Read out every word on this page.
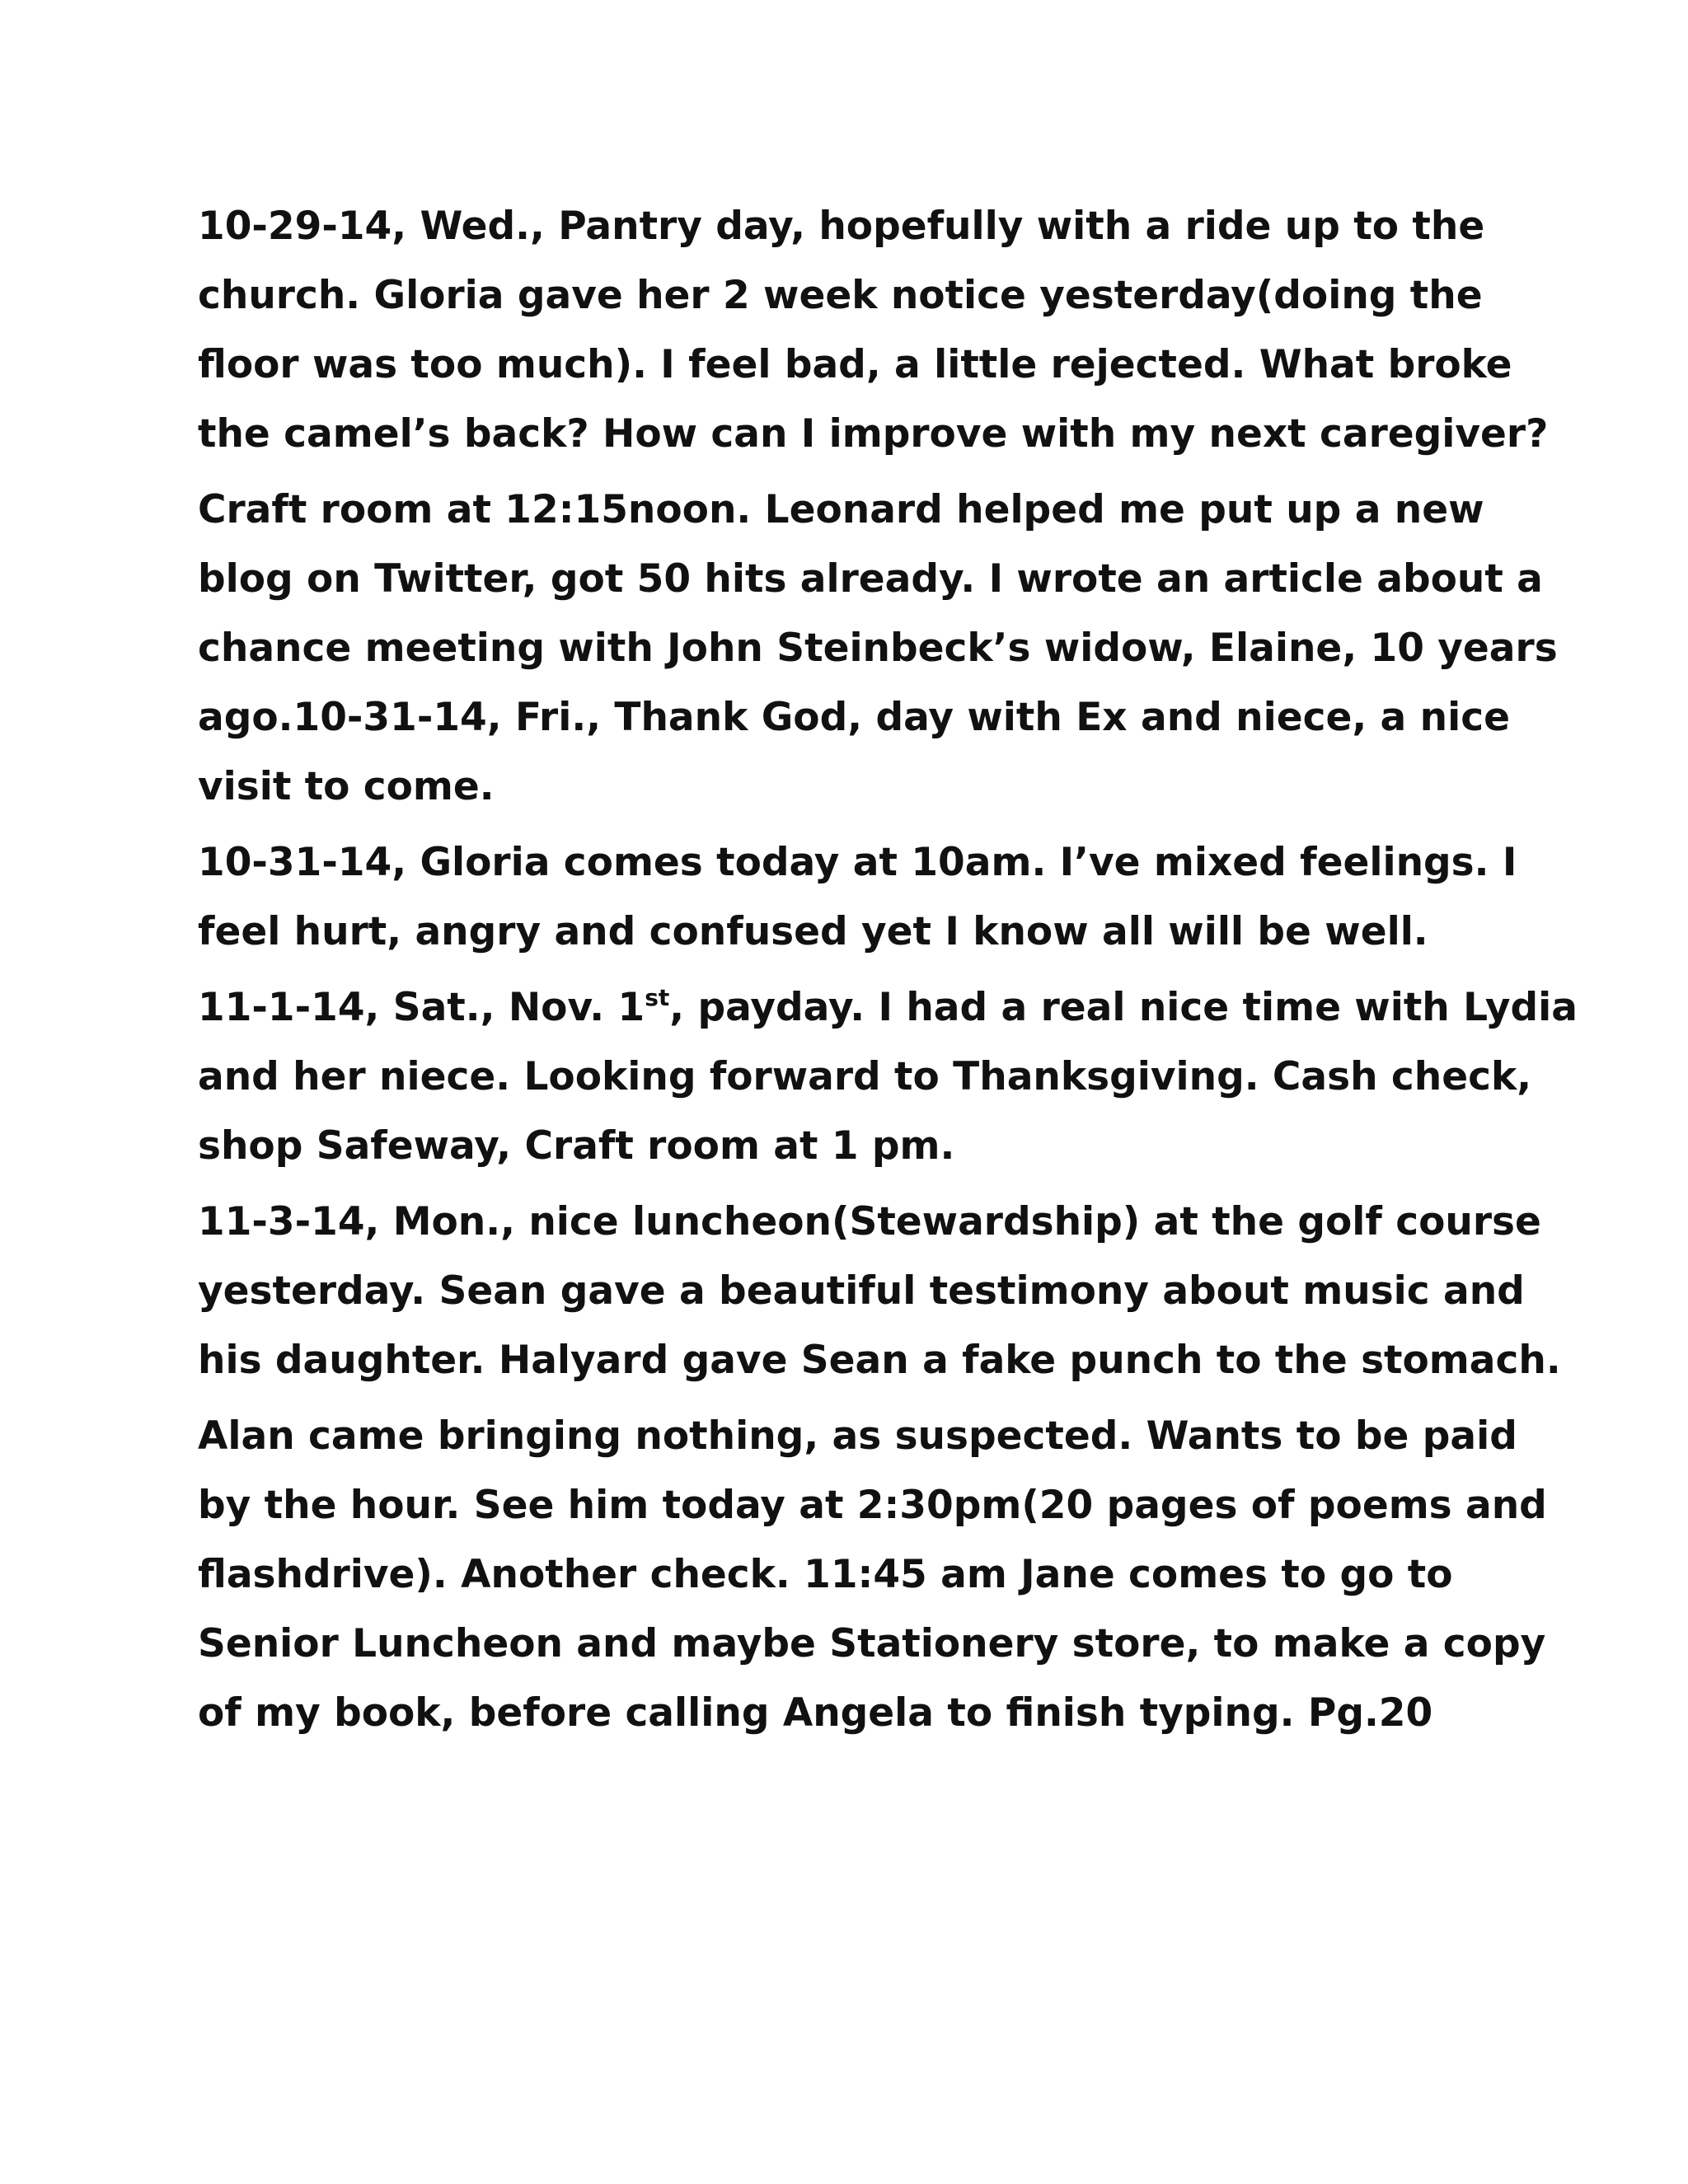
10-29-14, Wed., Pantry day, hopefully with a ride up to the
church. Gloria gave her 2 week notice yesterday(doing the
floor was too much). I feel bad, a little rejected. What broke
the camel’s back? How can I improve with my next caregiver?
Craft room at 12:15noon. Leonard helped me put up a new
blog on Twitter, got 50 hits already. I wrote an article about a
chance meeting with John Steinbeck’s widow, Elaine, 10 years
ago.10-31-14, Fri., Thank God, day with Ex and niece, a nice
visit to come.
10-31-14, Gloria comes today at 10am. I’ve mixed feelings. I
feel hurt, angry and confused yet I know all will be well.
11-1-14, Sat., Nov. 1st, payday. I had a real nice time with Lydia
and her niece. Looking forward to Thanksgiving. Cash check,
shop Safeway, Craft room at 1 pm.
11-3-14, Mon., nice luncheon(Stewardship) at the golf course
yesterday. Sean gave a beautiful testimony about music and
his daughter. Halyard gave Sean a fake punch to the stomach.
Alan came bringing nothing, as suspected. Wants to be paid
by the hour. See him today at 2:30pm(20 pages of poems and
flashdrive). Another check. 11:45 am Jane comes to go to
Senior Luncheon and maybe Stationery store, to make a copy
of my book, before calling Angela to finish typing. Pg.20
